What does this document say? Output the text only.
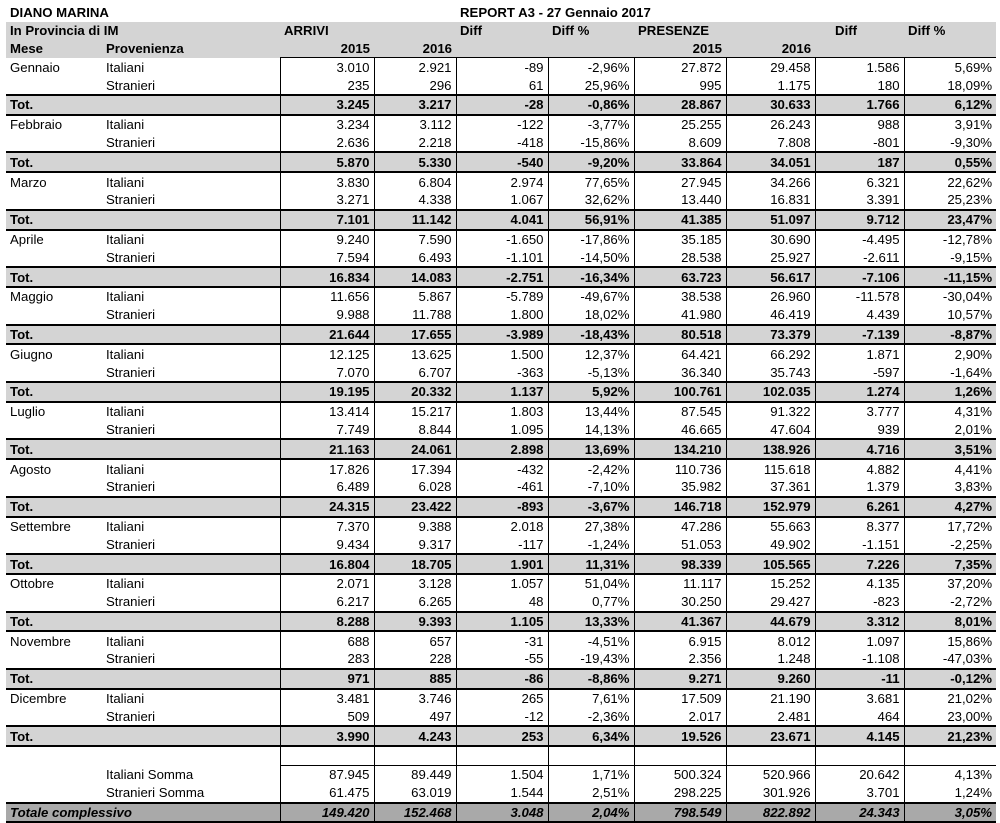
DIANO MARINA				REPORT A3 - 27 Gennaio 2017					
In Provincia di IM		ARRIVI		Diff	Diff %	PRESENZE		Diff	Diff %
Mese	Provenienza	2015	2016			2015	2016		
Gennaio	Italiani	3.010	2.921	-89	-2,96%	27.872	29.458	1.586	5,69%
	Stranieri	235	296	61	25,96%	995	1.175	180	18,09%
Tot.		3.245	3.217	-28	-0,86%	28.867	30.633	1.766	6,12%
Febbraio	Italiani	3.234	3.112	-122	-3,77%	25.255	26.243	988	3,91%
	Stranieri	2.636	2.218	-418	-15,86%	8.609	7.808	-801	-9,30%
Tot.		5.870	5.330	-540	-9,20%	33.864	34.051	187	0,55%
Marzo	Italiani	3.830	6.804	2.974	77,65%	27.945	34.266	6.321	22,62%
	Stranieri	3.271	4.338	1.067	32,62%	13.440	16.831	3.391	25,23%
Tot.		7.101	11.142	4.041	56,91%	41.385	51.097	9.712	23,47%
Aprile	Italiani	9.240	7.590	-1.650	-17,86%	35.185	30.690	-4.495	-12,78%
	Stranieri	7.594	6.493	-1.101	-14,50%	28.538	25.927	-2.611	-9,15%
Tot.		16.834	14.083	-2.751	-16,34%	63.723	56.617	-7.106	-11,15%
Maggio	Italiani	11.656	5.867	-5.789	-49,67%	38.538	26.960	-11.578	-30,04%
	Stranieri	9.988	11.788	1.800	18,02%	41.980	46.419	4.439	10,57%
Tot.		21.644	17.655	-3.989	-18,43%	80.518	73.379	-7.139	-8,87%
Giugno	Italiani	12.125	13.625	1.500	12,37%	64.421	66.292	1.871	2,90%
	Stranieri	7.070	6.707	-363	-5,13%	36.340	35.743	-597	-1,64%
Tot.		19.195	20.332	1.137	5,92%	100.761	102.035	1.274	1,26%
Luglio	Italiani	13.414	15.217	1.803	13,44%	87.545	91.322	3.777	4,31%
	Stranieri	7.749	8.844	1.095	14,13%	46.665	47.604	939	2,01%
Tot.		21.163	24.061	2.898	13,69%	134.210	138.926	4.716	3,51%
Agosto	Italiani	17.826	17.394	-432	-2,42%	110.736	115.618	4.882	4,41%
	Stranieri	6.489	6.028	-461	-7,10%	35.982	37.361	1.379	3,83%
Tot.		24.315	23.422	-893	-3,67%	146.718	152.979	6.261	4,27%
Settembre	Italiani	7.370	9.388	2.018	27,38%	47.286	55.663	8.377	17,72%
	Stranieri	9.434	9.317	-117	-1,24%	51.053	49.902	-1.151	-2,25%
Tot.		16.804	18.705	1.901	11,31%	98.339	105.565	7.226	7,35%
Ottobre	Italiani	2.071	3.128	1.057	51,04%	11.117	15.252	4.135	37,20%
	Stranieri	6.217	6.265	48	0,77%	30.250	29.427	-823	-2,72%
Tot.		8.288	9.393	1.105	13,33%	41.367	44.679	3.312	8,01%
Novembre	Italiani	688	657	-31	-4,51%	6.915	8.012	1.097	15,86%
	Stranieri	283	228	-55	-19,43%	2.356	1.248	-1.108	-47,03%
Tot.		971	885	-86	-8,86%	9.271	9.260	-11	-0,12%
Dicembre	Italiani	3.481	3.746	265	7,61%	17.509	21.190	3.681	21,02%
	Stranieri	509	497	-12	-2,36%	2.017	2.481	464	23,00%
Tot.		3.990	4.243	253	6,34%	19.526	23.671	4.145	21,23%

	Italiani Somma	87.945	89.449	1.504	1,71%	500.324	520.966	20.642	4,13%
	Stranieri Somma	61.475	63.019	1.544	2,51%	298.225	301.926	3.701	1,24%
Totale complessivo		149.420	152.468	3.048	2,04%	798.549	822.892	24.343	3,05%
